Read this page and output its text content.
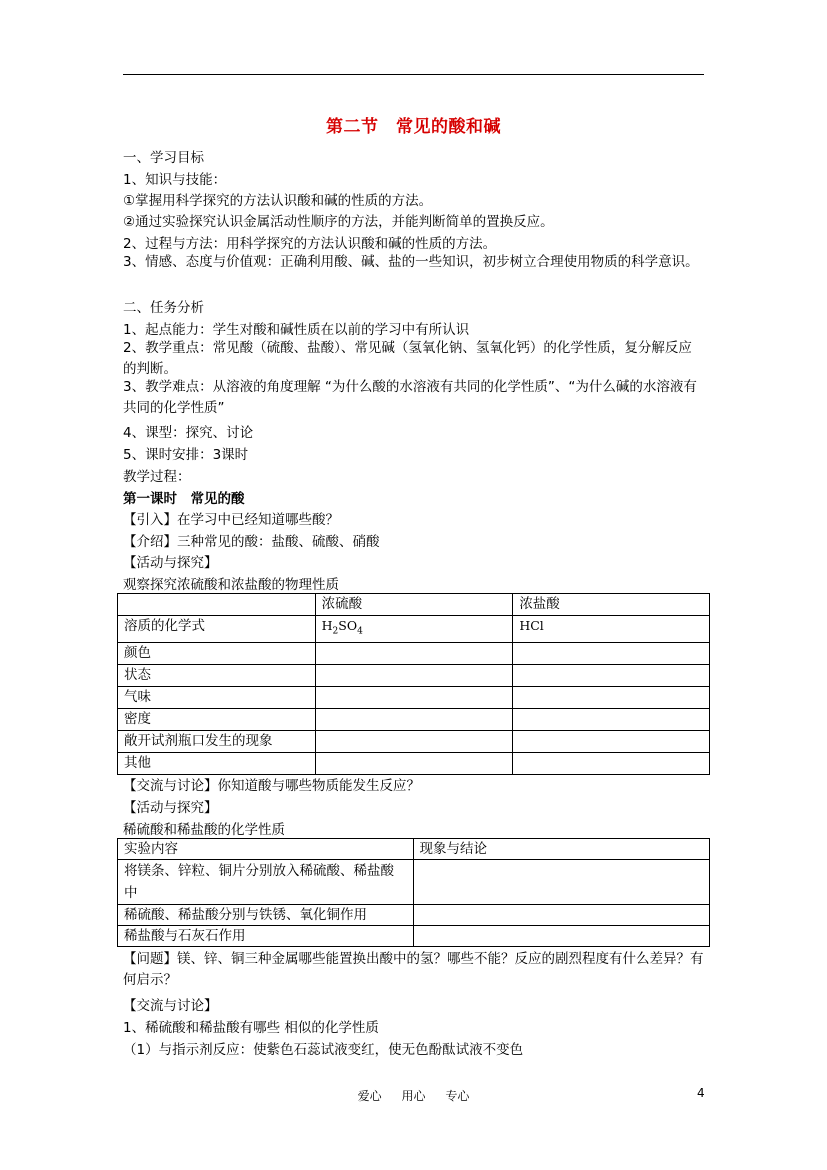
第二节　常见的酸和碱
一、学习目标
1、知识与技能：
①掌握用科学探究的方法认识酸和碱的性质的方法。
②通过实验探究认识金属活动性顺序的方法，并能判断简单的置换反应。
2、过程与方法：用科学探究的方法认识酸和碱的性质的方法。
3、情感、态度与价值观：正确利用酸、碱、盐的一些知识，初步树立合理使用物质的科学意识。
二、任务分析
1、起点能力：学生对酸和碱性质在以前的学习中有所认识
2、教学重点：常见酸（硫酸、盐酸）、常见碱（氢氧化钠、氢氧化钙）的化学性质，复分解反应的判断。
3、教学难点：从溶液的角度理解 “为什么酸的水溶液有共同的化学性质”、“为什么碱的水溶液有共同的化学性质”
4、课型：探究、讨论
5、课时安排：3课时
教学过程：
第一课时　常见的酸
【引入】在学习中已经知道哪些酸？
【介绍】三种常见的酸：盐酸、硫酸、硝酸
【活动与探究】
观察探究浓硫酸和浓盐酸的物理性质
	浓硫酸	浓盐酸
溶质的化学式	$H_2SO_4$	HCl
颜色		
状态		
气味		
密度		
敞开试剂瓶口发生的现象		
其他		
【交流与讨论】你知道酸与哪些物质能发生反应？
【活动与探究】
稀硫酸和稀盐酸的化学性质
实验内容	现象与结论
将镁条、锌粒、铜片分别放入稀硫酸、稀盐酸中	
稀硫酸、稀盐酸分别与铁锈、氧化铜作用	
稀盐酸与石灰石作用	
【问题】镁、锌、铜三种金属哪些能置换出酸中的氢？哪些不能？反应的剧烈程度有什么差异？有何启示？
【交流与讨论】
1、稀硫酸和稀盐酸有哪些 相似的化学性质
（1）与指示剂反应：使紫色石蕊试液变红，使无色酚酞试液不变色
爱心 用心 专心	4
